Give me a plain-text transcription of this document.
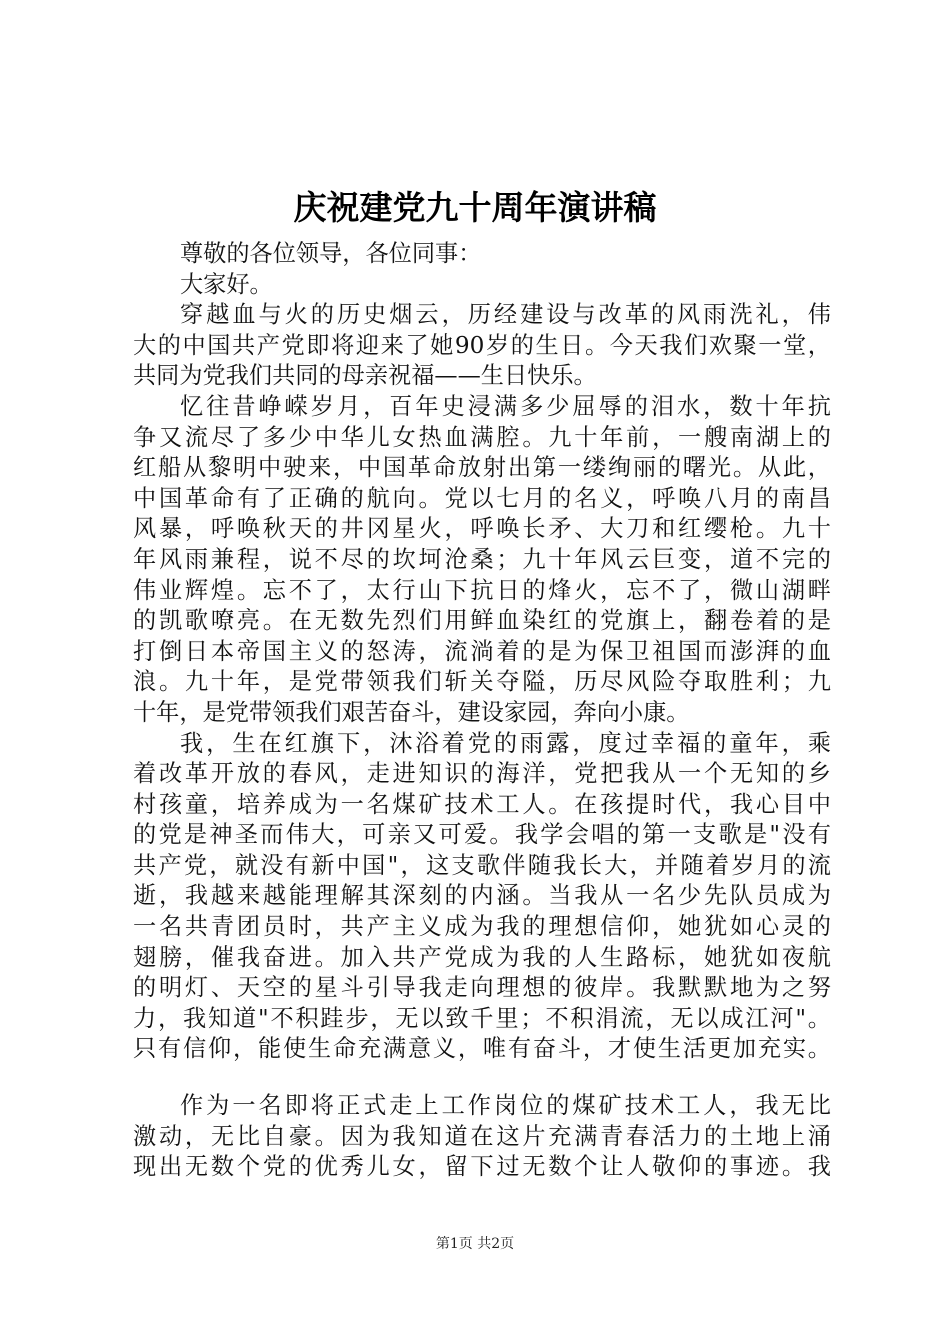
庆祝建党九十周年演讲稿

尊敬的各位领导，各位同事：

大家好。

穿越血与火的历史烟云，历经建设与改革的风雨洗礼，伟
大的中国共产党即将迎来了她90岁的生日。今天我们欢聚一堂，
共同为党我们共同的母亲祝福——生日快乐。

忆往昔峥嵘岁月，百年史浸满多少屈辱的泪水，数十年抗
争又流尽了多少中华儿女热血满腔。九十年前，一艘南湖上的
红船从黎明中驶来，中国革命放射出第一缕绚丽的曙光。从此，
中国革命有了正确的航向。党以七月的名义，呼唤八月的南昌
风暴，呼唤秋天的井冈星火，呼唤长矛、大刀和红缨枪。九十
年风雨兼程，说不尽的坎坷沧桑；九十年风云巨变，道不完的
伟业辉煌。忘不了，太行山下抗日的烽火，忘不了，微山湖畔
的凯歌嘹亮。在无数先烈们用鲜血染红的党旗上，翻卷着的是
打倒日本帝国主义的怒涛，流淌着的是为保卫祖国而澎湃的血
浪。九十年，是党带领我们斩关夺隘，历尽风险夺取胜利；九
十年，是党带领我们艰苦奋斗，建设家园，奔向小康。

我，生在红旗下，沐浴着党的雨露，度过幸福的童年，乘
着改革开放的春风，走进知识的海洋，党把我从一个无知的乡
村孩童，培养成为一名煤矿技术工人。在孩提时代，我心目中
的党是神圣而伟大，可亲又可爱。我学会唱的第一支歌是"没有
共产党，就没有新中国"，这支歌伴随我长大，并随着岁月的流
逝，我越来越能理解其深刻的内涵。当我从一名少先队员成为
一名共青团员时，共产主义成为我的理想信仰，她犹如心灵的
翅膀，催我奋进。加入共产党成为我的人生路标，她犹如夜航
的明灯、天空的星斗引导我走向理想的彼岸。我默默地为之努
力，我知道"不积跬步，无以致千里；不积涓流，无以成江河"。
只有信仰，能使生命充满意义，唯有奋斗，才使生活更加充实。

作为一名即将正式走上工作岗位的煤矿技术工人，我无比
激动，无比自豪。因为我知道在这片充满青春活力的土地上涌
现出无数个党的优秀儿女，留下过无数个让人敬仰的事迹。我

第1页 共2页
